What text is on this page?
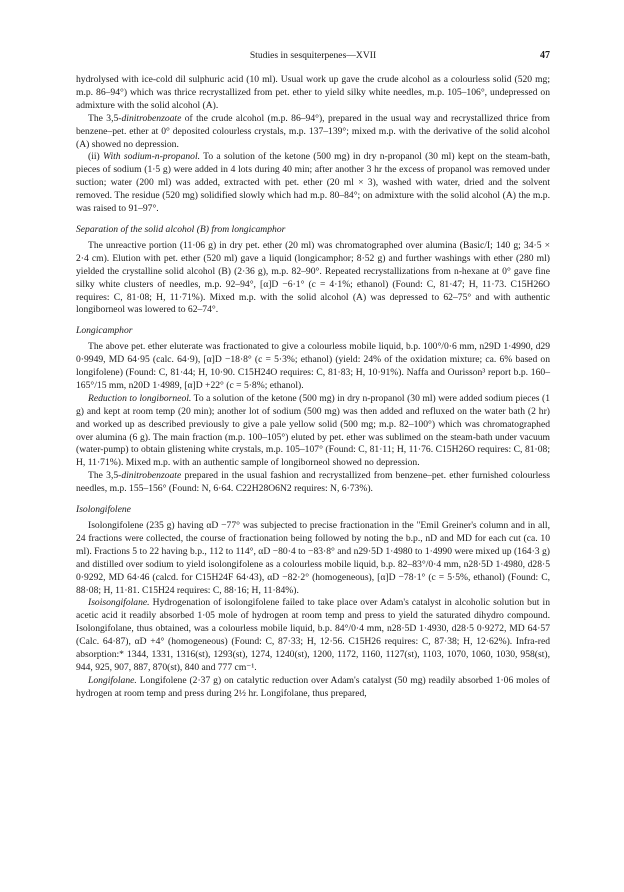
Studies in sesquiterpenes—XVII	47

hydrolysed with ice-cold dil sulphuric acid (10 ml). Usual work up gave the crude alcohol as a colourless solid (520 mg; m.p. 86–94°) which was thrice recrystallized from pet. ether to yield silky white needles, m.p. 105–106°, undepressed on admixture with the solid alcohol (A).

The 3,5-dinitrobenzoate of the crude alcohol (m.p. 86–94°), prepared in the usual way and recrystallized thrice from benzene–pet. ether at 0° deposited colourless crystals, m.p. 137–139°; mixed m.p. with the derivative of the solid alcohol (A) showed no depression.

(ii) With sodium-n-propanol. To a solution of the ketone (500 mg) in dry n-propanol (30 ml) kept on the steam-bath, pieces of sodium (1·5 g) were added in 4 lots during 40 min; after another 3 hr the excess of propanol was removed under suction; water (200 ml) was added, extracted with pet. ether (20 ml × 3), washed with water, dried and the solvent removed. The residue (520 mg) solidified slowly which had m.p. 80–84°; on admixture with the solid alcohol (A) the m.p. was raised to 91–97°.

Separation of the solid alcohol (B) from longicamphor

The unreactive portion (11·06 g) in dry pet. ether (20 ml) was chromatographed over alumina (Basic/I; 140 g; 34·5 × 2·4 cm). Elution with pet. ether (520 ml) gave a liquid (longicamphor; 8·52 g) and further washings with ether (280 ml) yielded the crystalline solid alcohol (B) (2·36 g), m.p. 82–90°. Repeated recrystallizations from n-hexane at 0° gave fine silky white clusters of needles, m.p. 92–94°, [α]D −6·1° (c = 4·1%; ethanol) (Found: C, 81·47; H, 11·73. C15H26O requires: C, 81·08; H, 11·71%). Mixed m.p. with the solid alcohol (A) was depressed to 62–75° and with authentic longiborneol was lowered to 62–74°.

Longicamphor

The above pet. ether eluterate was fractionated to give a colourless mobile liquid, b.p. 100°/0·6 mm, n29D 1·4990, d29 0·9949, MD 64·95 (calc. 64·9), [α]D −18·8° (c = 5·3%; ethanol) (yield: 24% of the oxidation mixture; ca. 6% based on longifolene) (Found: C, 81·44; H, 10·90. C15H24O requires: C, 81·83; H, 10·91%). Naffa and Ourisson³ report b.p. 160–165°/15 mm, n20D 1·4989, [α]D +22° (c = 5·8%; ethanol).

Reduction to longiborneol. To a solution of the ketone (500 mg) in dry n-propanol (30 ml) were added sodium pieces (1 g) and kept at room temp (20 min); another lot of sodium (500 mg) was then added and refluxed on the water bath (2 hr) and worked up as described previously to give a pale yellow solid (500 mg; m.p. 82–100°) which was chromatographed over alumina (6 g). The main fraction (m.p. 100–105°) eluted by pet. ether was sublimed on the steam-bath under vacuum (water-pump) to obtain glistening white crystals, m.p. 105–107° (Found: C, 81·11; H, 11·76. C15H26O requires: C, 81·08; H, 11·71%). Mixed m.p. with an authentic sample of longiborneol showed no depression.

The 3,5-dinitrobenzoate prepared in the usual fashion and recrystallized from benzene–pet. ether furnished colourless needles, m.p. 155–156° (Found: N, 6·64. C22H28O6N2 requires: N, 6·73%).

Isolongifolene

Isolongifolene (235 g) having αD −77° was subjected to precise fractionation in the "Emil Greiner's column and in all, 24 fractions were collected, the course of fractionation being followed by noting the b.p., nD and MD for each cut (ca. 10 ml). Fractions 5 to 22 having b.p., 112 to 114°, αD −80·4 to −83·8° and n29·5D 1·4980 to 1·4990 were mixed up (164·3 g) and distilled over sodium to yield isolongifolene as a colourless mobile liquid, b.p. 82–83°/0·4 mm, n28·5D 1·4980, d28·5 0·9292, MD 64·46 (calcd. for C15H24F 64·43), αD −82·2° (homogeneous), [α]D −78·1° (c = 5·5%, ethanol) (Found: C, 88·08; H, 11·81. C15H24 requires: C, 88·16; H, 11·84%).

Isoisongifolane. Hydrogenation of isolongifolene failed to take place over Adam's catalyst in alcoholic solution but in acetic acid it readily absorbed 1·05 mole of hydrogen at room temp and press to yield the saturated dihydro compound. Isolongifolane, thus obtained, was a colourless mobile liquid, b.p. 84°/0·4 mm, n28·5D 1·4930, d28·5 0·9272, MD 64·57 (Calc. 64·87), αD +4° (homogeneous) (Found: C, 87·33; H, 12·56. C15H26 requires: C, 87·38; H, 12·62%). Infra-red absorption:* 1344, 1331, 1316(st), 1293(st), 1274, 1240(st), 1200, 1172, 1160, 1127(st), 1103, 1070, 1060, 1030, 958(st), 944, 925, 907, 887, 870(st), 840 and 777 cm⁻¹.

Longifolane. Longifolene (2·37 g) on catalytic reduction over Adam's catalyst (50 mg) readily absorbed 1·06 moles of hydrogen at room temp and press during 2½ hr. Longifolane, thus prepared,
